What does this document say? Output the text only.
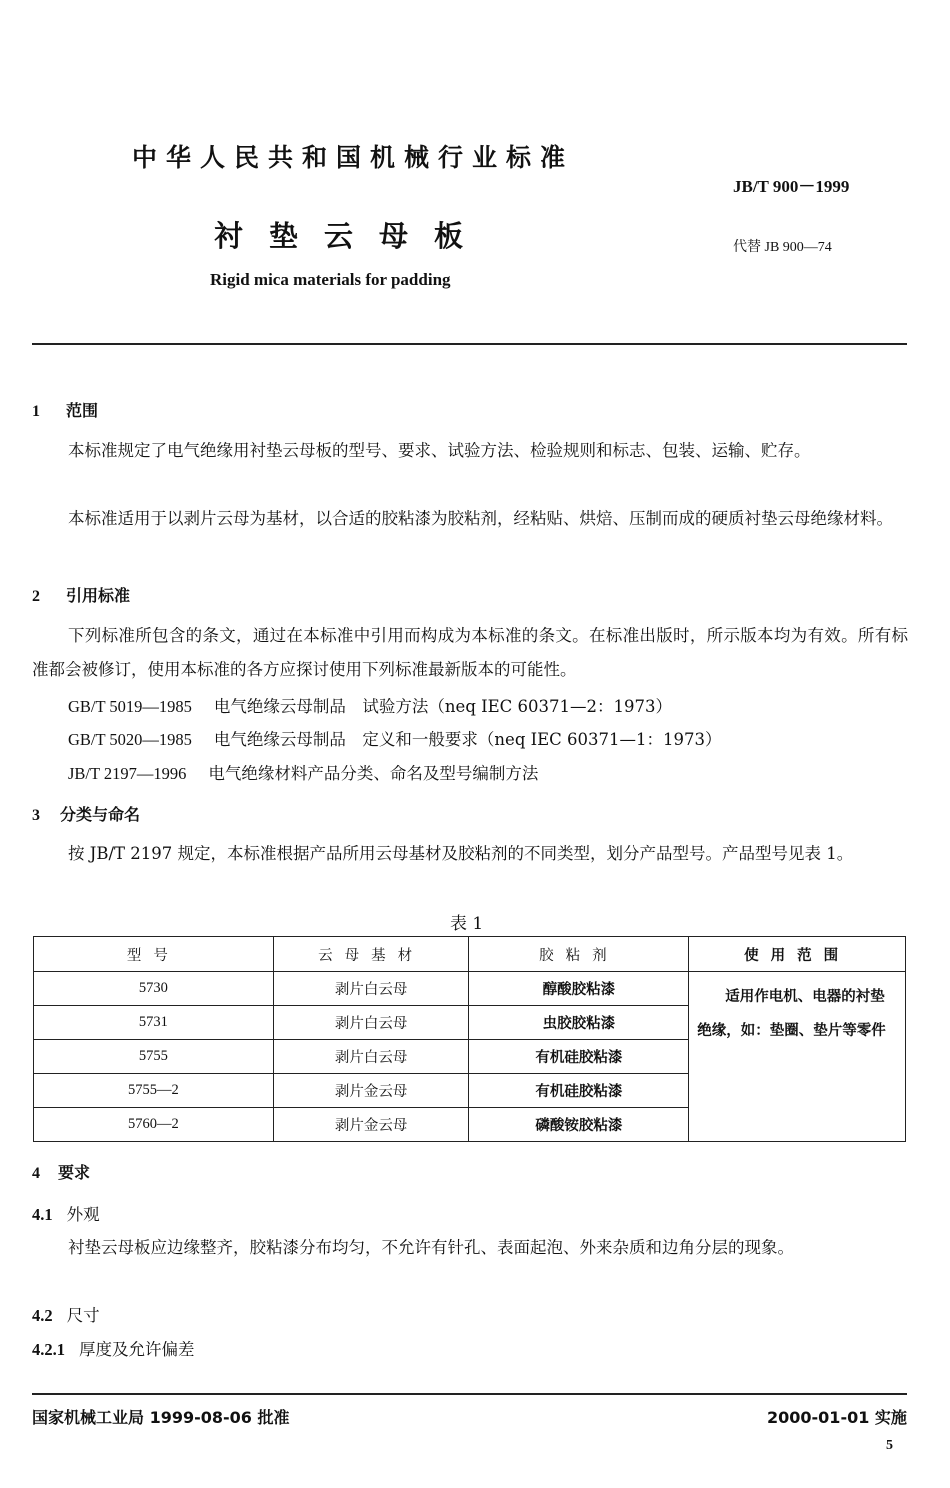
中华人民共和国机械行业标准
JB/T 900－1999
衬垫云母板	代替 JB 900—74
Rigid mica materials for padding
1 范围
本标准规定了电气绝缘用衬垫云母板的型号、要求、试验方法、检验规则和标志、包装、运输、贮存。
本标准适用于以剥片云母为基材，以合适的胶粘漆为胶粘剂，经粘贴、烘焙、压制而成的硬质衬垫云母绝缘材料。
2 引用标准
下列标准所包含的条文，通过在本标准中引用而构成为本标准的条文。在标准出版时，所示版本均为有效。所有标准都会被修订，使用本标准的各方应探讨使用下列标准最新版本的可能性。
GB/T 5019—1985 电气绝缘云母制品　试验方法（neq IEC 60371—2：1973）
GB/T 5020—1985 电气绝缘云母制品　定义和一般要求（neq IEC 60371—1：1973）
JB/T 2197—1996 电气绝缘材料产品分类、命名及型号编制方法
3 分类与命名
按 JB/T 2197 规定，本标准根据产品所用云母基材及胶粘剂的不同类型，划分产品型号。产品型号见表 1。
表 1
型号	云母基材	胶粘剂	使用范围
5730	剥片白云母	醇酸胶粘漆	适用作电机、电器的衬垫绝缘，如：垫圈、垫片等零件
5731	剥片白云母	虫胶胶粘漆	
5755	剥片白云母	有机硅胶粘漆	
5755—2	剥片金云母	有机硅胶粘漆	
5760—2	剥片金云母	磷酸铵胶粘漆	
4 要求
4.1 外观
衬垫云母板应边缘整齐，胶粘漆分布均匀，不允许有针孔、表面起泡、外来杂质和边角分层的现象。
4.2 尺寸
4.2.1 厚度及允许偏差
国家机械工业局 1999-08-06 批准	2000-01-01 实施
5
